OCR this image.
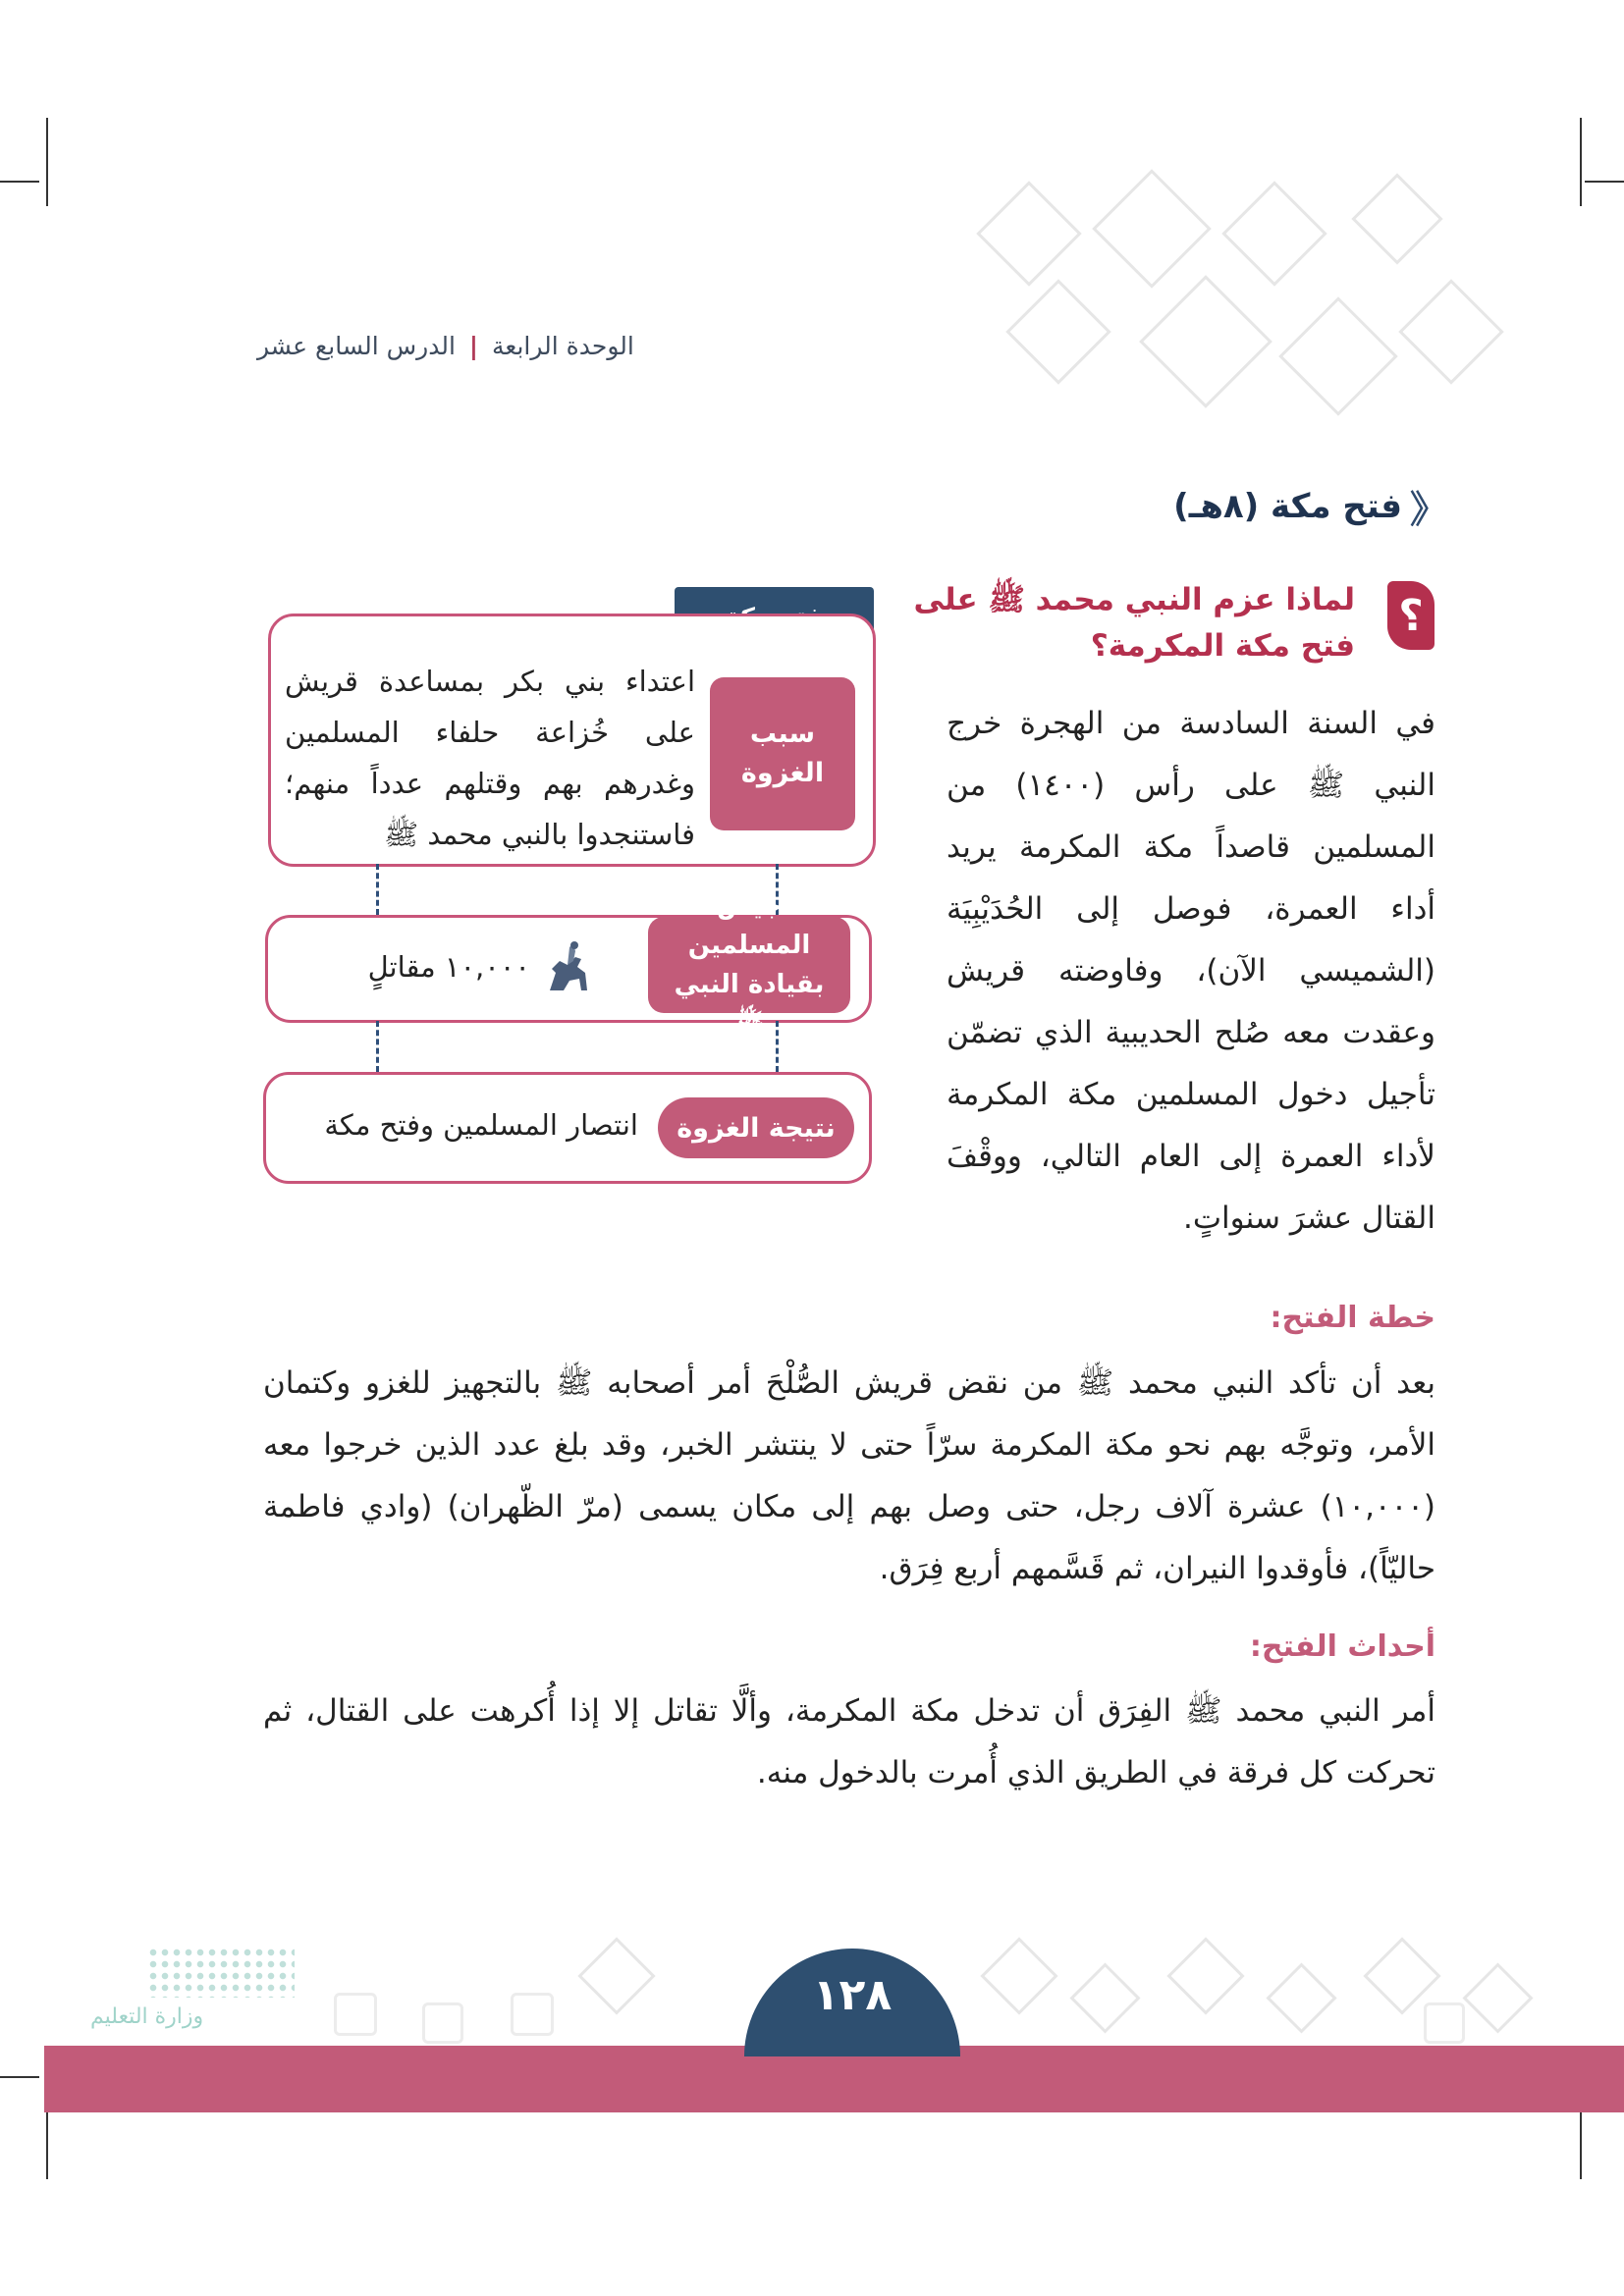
الوحدة الرابعة | الدرس السابع عشر
《
فتح مكة (٨هـ)
؟
لماذا عزم النبي محمد ﷺ على فتح مكة المكرمة؟
في السنة السادسة من الهجرة خرج النبي ﷺ على رأس (١٤٠٠) من المسلمين قاصداً مكة المكرمة يريد أداء العمرة، فوصل إلى الحُدَيْبِيَة (الشميسي الآن)، وفاوضته قريش وعقدت معه صُلح الحديبية الذي تضمّن تأجيل دخول المسلمين مكة المكرمة لأداء العمرة إلى العام التالي، ووقْفَ القتال عشرَ سنواتٍ.
سبب الغزوة
اعتداء بني بكر بمساعدة قريش على خُزاعة حلفاء المسلمين وغدرهم بهم وقتلهم عدداً منهم؛ فاستنجدوا بالنبي محمد ﷺ
جيش المسلمين بقيادة النبي ﷺ
١٠,٠٠٠ مقاتلٍ
نتيجة الغزوة
انتصار المسلمين وفتح مكة
خطة الفتح:
بعد أن تأكد النبي محمد ﷺ من نقض قريش الصُّلْحَ أمر أصحابه ﷺ بالتجهيز للغزو وكتمان الأمر، وتوجَّه بهم نحو مكة المكرمة سرّاً حتى لا ينتشر الخبر، وقد بلغ عدد الذين خرجوا معه (١٠,٠٠٠) عشرة آلاف رجل، حتى وصل بهم إلى مكان يسمى (مرّ الظّهران) (وادي فاطمة حاليّاً)، فأوقدوا النيران، ثم قَسَّمهم أربع فِرَق.
أحداث الفتح:
أمر النبي محمد ﷺ الفِرَق أن تدخل مكة المكرمة، وألَّا تقاتل إلا إذا أُكرهت على القتال، ثم تحركت كل فرقة في الطريق الذي أُمرت بالدخول منه.
وزارة التعليم	١٢٨
